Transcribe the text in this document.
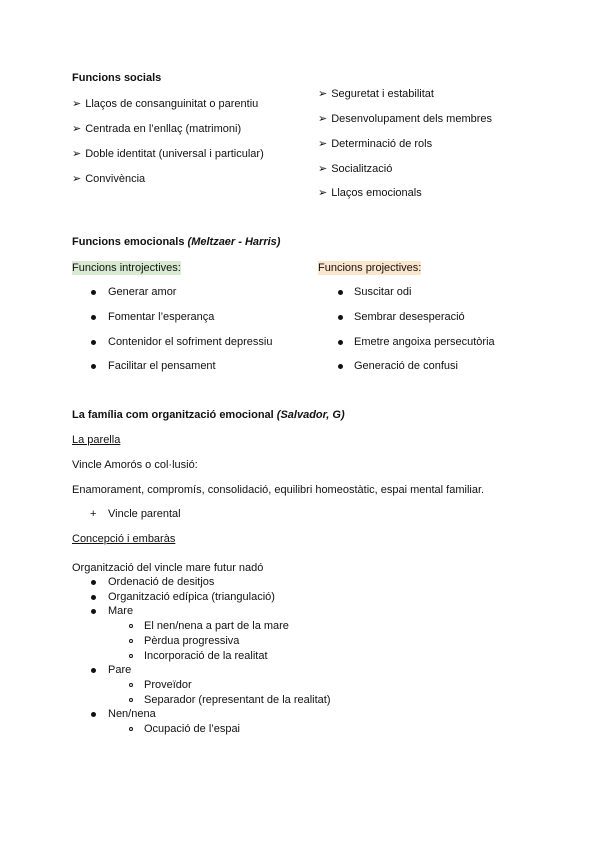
Funcions socials
➢ Llaços de consanguinitat o parentiu
➢ Centrada en l’enllaç (matrimoni)
➢ Doble identitat (universal i particular)
➢ Convivència
➢ Seguretat i estabilitat
➢ Desenvolupament dels membres
➢ Determinació de rols
➢ Socialització
➢ Llaços emocionals
Funcions emocionals (Meltzaer - Harris)
Funcions introjectives:	Funcions projectives:
Generar amor
Fomentar l’esperança
Contenidor el sofriment depressiu
Facilitar el pensament
Suscitar odi
Sembrar desesperació
Emetre angoixa persecutòria
Generació de confusi
La família com organització emocional (Salvador, G)
La parella
Vincle Amorós o col·lusió:
Enamorament, compromís, consolidació, equilibri homeostàtic, espai mental familiar.
+ Vincle parental
Concepció i embaràs
Organització del vincle mare futur nadó
Ordenació de desitjos
Organització edípica (triangulació)
Mare
El nen/nena a part de la mare
Pèrdua progressiva
Incorporació de la realitat
Pare
Proveïdor
Separador (representant de la realitat)
Nen/nena
Ocupació de l’espai
